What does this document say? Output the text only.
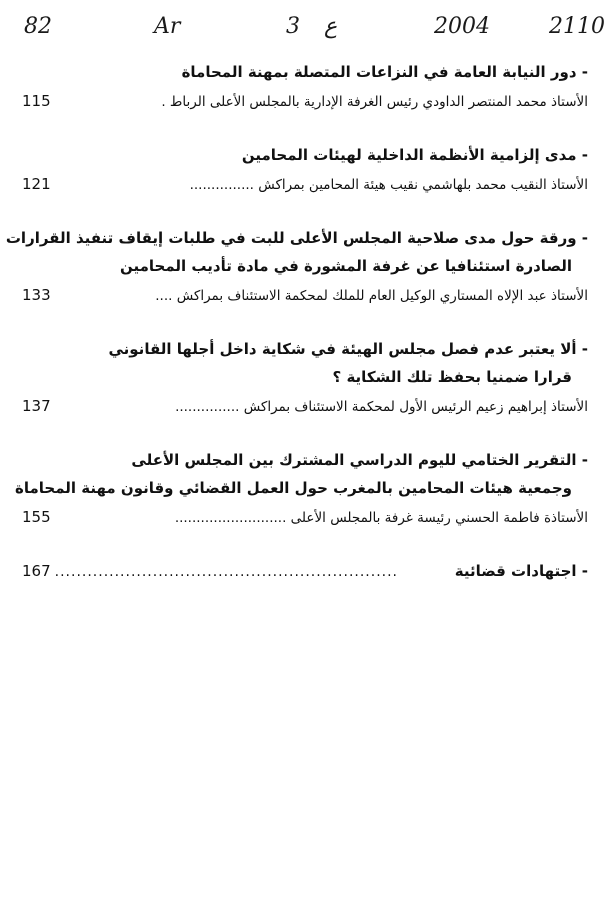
82	Ar	3 ع	2004	2110
- دور النيابة العامة في النزاعات المتصلة بمهنة المحاماة
115	الأستاذ محمد المنتصر الداودي رئيس الغرفة الإدارية بالمجلس الأعلى الرباط .
- مدى إلزامية الأنظمة الداخلية لهيئات المحامين
121	الأستاذ النقيب محمد بلهاشمي نقيب هيئة المحامين بمراكش ...............
- ورقة حول مدى صلاحية المجلس الأعلى للبت في طلبات إيقاف تنفيذ القرارات
الصادرة استئنافيا عن غرفة المشورة في مادة تأديب المحامين
133	الأستاذ عبد الإلاه المستاري الوكيل العام للملك لمحكمة الاستئناف بمراكش ....
- ألا يعتبر عدم فصل مجلس الهيئة في شكاية داخل أجلها القانوني
قرارا ضمنيا بحفظ تلك الشكاية ؟
137	الأستاذ إبراهيم زعيم الرئيس الأول لمحكمة الاستئناف بمراكش ...............
- التقرير الختامي لليوم الدراسي المشترك بين المجلس الأعلى
وجمعية هيئات المحامين بالمغرب حول العمل القضائي وقانون مهنة المحاماة
155	الأستاذة فاطمة الحسني رئيسة غرفة بالمجلس الأعلى ..........................
167 ...............................................................	- اجتهادات قضائية
